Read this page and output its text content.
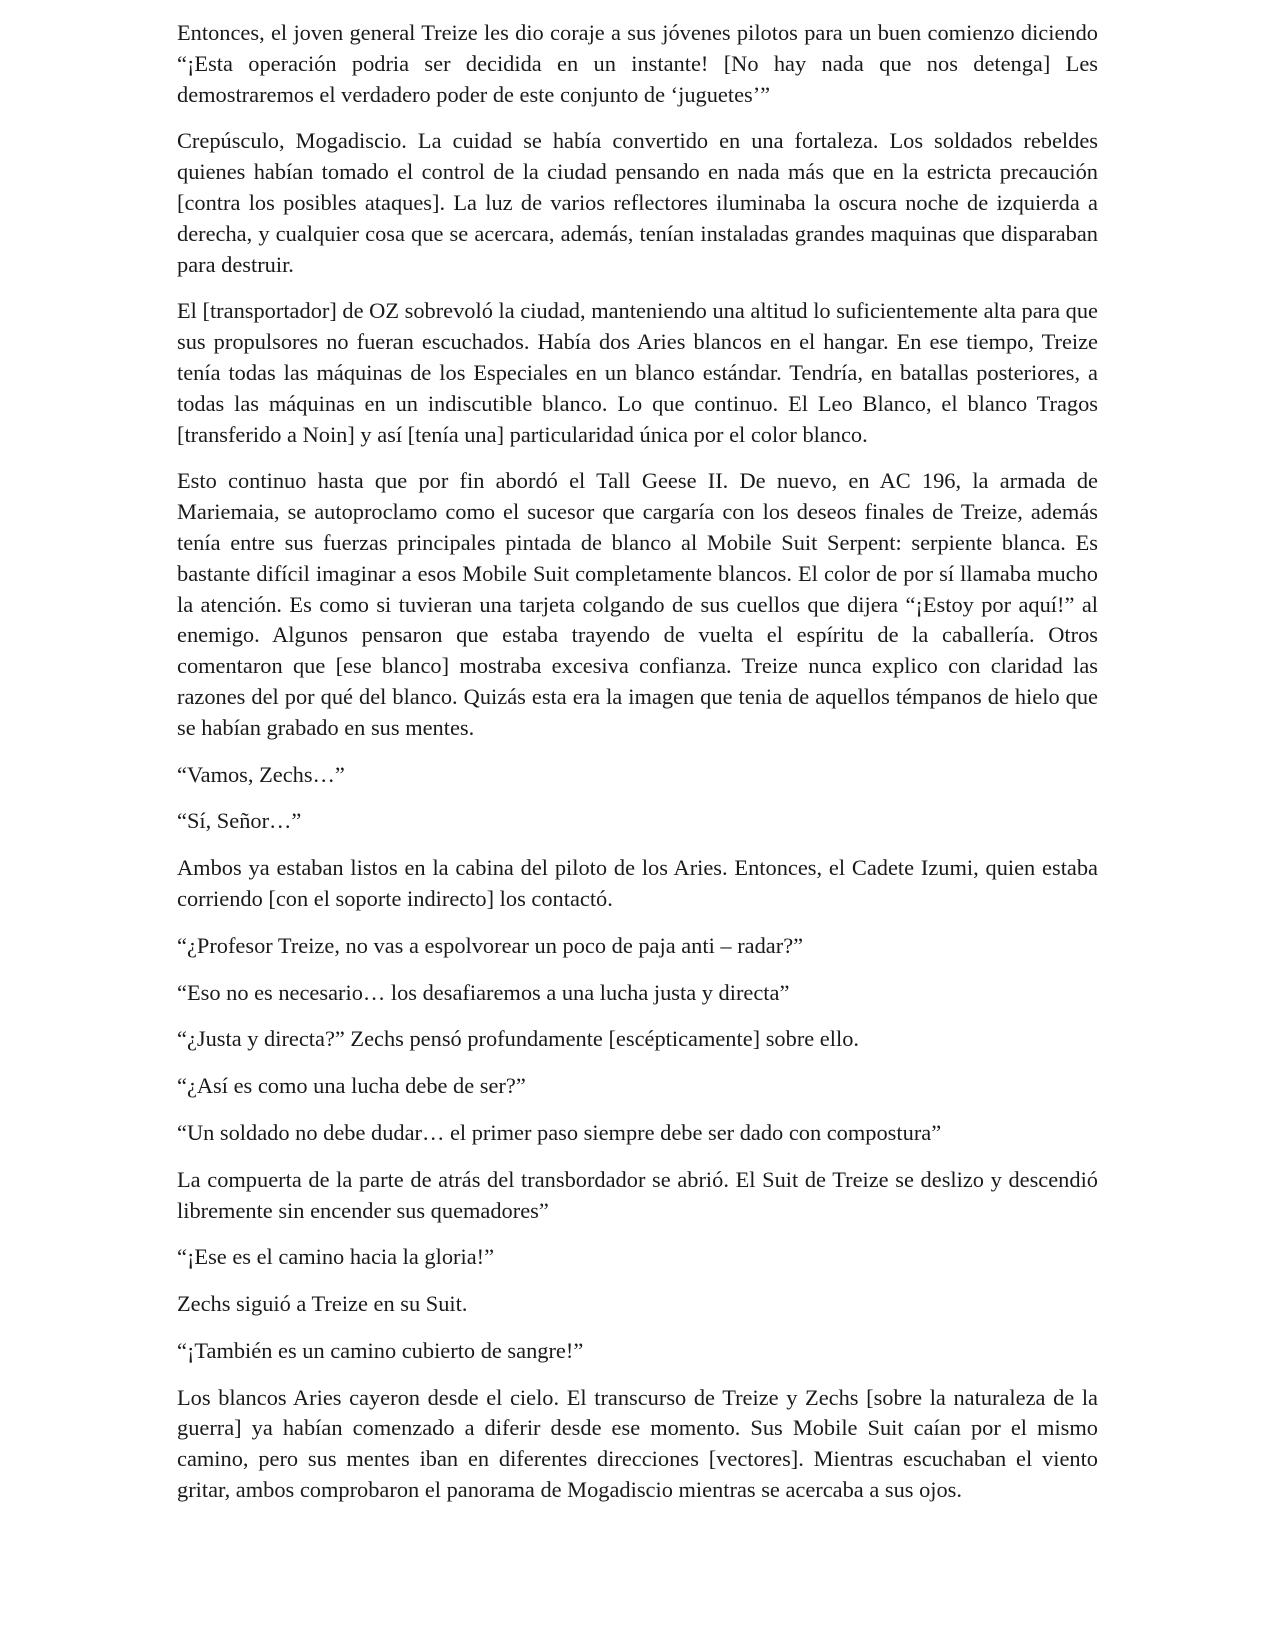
Entonces, el joven general Treize les dio coraje a sus jóvenes pilotos para un buen comienzo diciendo “¡Esta operación podria ser decidida en un instante! [No hay nada que nos detenga] Les demostraremos el verdadero poder de este conjunto de ‘juguetes’”

Crepúsculo, Mogadiscio. La cuidad se había convertido en una fortaleza. Los soldados rebeldes quienes habían tomado el control de la ciudad pensando en nada más que en la estricta precaución [contra los posibles ataques]. La luz de varios reflectores iluminaba la oscura noche de izquierda a derecha, y cualquier cosa que se acercara, además, tenían instaladas grandes maquinas que disparaban para destruir.

El [transportador] de OZ sobrevoló la ciudad, manteniendo una altitud lo suficientemente alta para que sus propulsores no fueran escuchados. Había dos Aries blancos en el hangar. En ese tiempo, Treize tenía todas las máquinas de los Especiales en un blanco estándar. Tendría, en batallas posteriores, a todas las máquinas en un indiscutible blanco. Lo que continuo. El Leo Blanco, el blanco Tragos [transferido a Noin] y así [tenía una] particularidad única por el color blanco.

Esto continuo hasta que por fin abordó el Tall Geese II. De nuevo, en AC 196, la armada de Mariemaia, se autoproclamo como el sucesor que cargaría con los deseos finales de Treize, además tenía entre sus fuerzas principales pintada de blanco al Mobile Suit Serpent: serpiente blanca. Es bastante difícil imaginar a esos Mobile Suit completamente blancos. El color de por sí llamaba mucho la atención. Es como si tuvieran una tarjeta colgando de sus cuellos que dijera “¡Estoy por aquí!” al enemigo. Algunos pensaron que estaba trayendo de vuelta el espíritu de la caballería. Otros comentaron que [ese blanco] mostraba excesiva confianza. Treize nunca explico con claridad las razones del por qué del blanco. Quizás esta era la imagen que tenia de aquellos témpanos de hielo que se habían grabado en sus mentes.

“Vamos, Zechs…”

“Sí, Señor…”

Ambos ya estaban listos en la cabina del piloto de los Aries. Entonces, el Cadete Izumi, quien estaba corriendo [con el soporte indirecto] los contactó.

“¿Profesor Treize, no vas a espolvorear un poco de paja anti – radar?”

“Eso no es necesario… los desafiaremos a una lucha justa y directa”

“¿Justa y directa?” Zechs pensó profundamente [escépticamente] sobre ello.

“¿Así es como una lucha debe de ser?”

“Un soldado no debe dudar… el primer paso siempre debe ser dado con compostura”

La compuerta de la parte de atrás del transbordador se abrió. El Suit de Treize se deslizo y descendió libremente sin encender sus quemadores”

“¡Ese es el camino hacia la gloria!”

Zechs siguió a Treize en su Suit.

“¡También es un camino cubierto de sangre!”

Los blancos Aries cayeron desde el cielo. El transcurso de Treize y Zechs [sobre la naturaleza de la guerra] ya habían comenzado a diferir desde ese momento. Sus Mobile Suit caían por el mismo camino, pero sus mentes iban en diferentes direcciones [vectores]. Mientras escuchaban el viento gritar, ambos comprobaron el panorama de Mogadiscio mientras se acercaba a sus ojos.
